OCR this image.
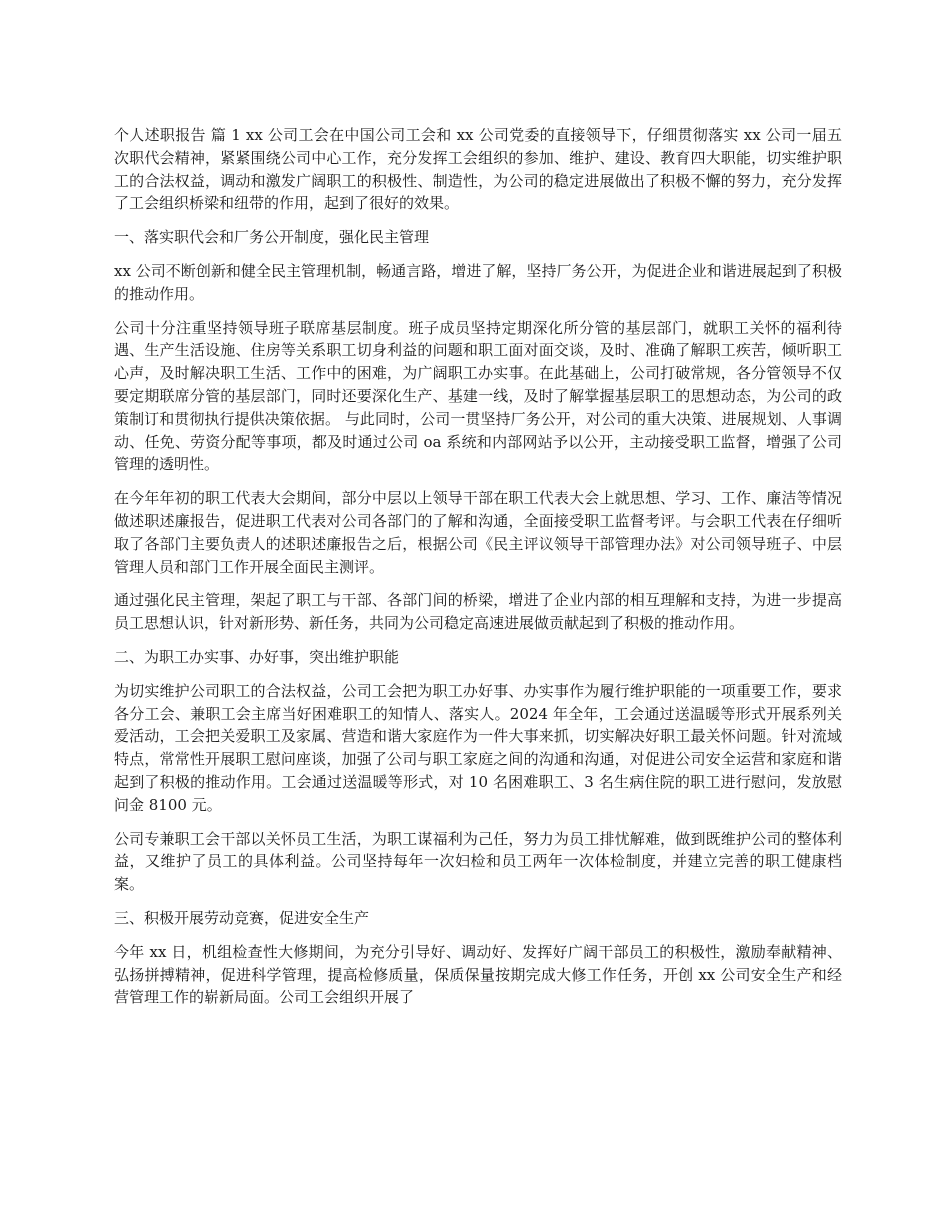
个人述职报告 篇 1 xx 公司工会在中国公司工会和 xx 公司党委的直接领导下，仔细贯彻落实 xx 公司一届五次职代会精神，紧紧围绕公司中心工作，充分发挥工会组织的参加、维护、建设、教育四大职能，切实维护职工的合法权益，调动和激发广阔职工的积极性、制造性，为公司的稳定进展做出了积极不懈的努力，充分发挥了工会组织桥梁和纽带的作用，起到了很好的效果。

一、落实职代会和厂务公开制度，强化民主管理

xx 公司不断创新和健全民主管理机制，畅通言路，增进了解，坚持厂务公开，为促进企业和谐进展起到了积极的推动作用。

公司十分注重坚持领导班子联席基层制度。班子成员坚持定期深化所分管的基层部门，就职工关怀的福利待遇、生产生活设施、住房等关系职工切身利益的问题和职工面对面交谈，及时、准确了解职工疾苦，倾听职工心声，及时解决职工生活、工作中的困难，为广阔职工办实事。在此基础上，公司打破常规，各分管领导不仅要定期联席分管的基层部门，同时还要深化生产、基建一线，及时了解掌握基层职工的思想动态，为公司的政策制订和贯彻执行提供决策依据。 与此同时，公司一贯坚持厂务公开，对公司的重大决策、进展规划、人事调动、任免、劳资分配等事项，都及时通过公司 oa 系统和内部网站予以公开，主动接受职工监督，增强了公司管理的透明性。

在今年年初的职工代表大会期间，部分中层以上领导干部在职工代表大会上就思想、学习、工作、廉洁等情况做述职述廉报告，促进职工代表对公司各部门的了解和沟通，全面接受职工监督考评。与会职工代表在仔细听取了各部门主要负责人的述职述廉报告之后，根据公司《民主评议领导干部管理办法》对公司领导班子、中层管理人员和部门工作开展全面民主测评。

通过强化民主管理，架起了职工与干部、各部门间的桥梁，增进了企业内部的相互理解和支持，为进一步提高员工思想认识，针对新形势、新任务，共同为公司稳定高速进展做贡献起到了积极的推动作用。

二、为职工办实事、办好事，突出维护职能

为切实维护公司职工的合法权益，公司工会把为职工办好事、办实事作为履行维护职能的一项重要工作，要求各分工会、兼职工会主席当好困难职工的知情人、落实人。2024 年全年，工会通过送温暖等形式开展系列关爱活动，工会把关爱职工及家属、营造和谐大家庭作为一件大事来抓，切实解决好职工最关怀问题。针对流域特点，常常性开展职工慰问座谈，加强了公司与职工家庭之间的沟通和沟通，对促进公司安全运营和家庭和谐起到了积极的推动作用。工会通过送温暖等形式，对 10 名困难职工、3 名生病住院的职工进行慰问，发放慰问金 8100 元。

公司专兼职工会干部以关怀员工生活，为职工谋福利为己任，努力为员工排忧解难，做到既维护公司的整体利益，又维护了员工的具体利益。公司坚持每年一次妇检和员工两年一次体检制度，并建立完善的职工健康档案。

三、积极开展劳动竞赛，促进安全生产

今年 xx 日，机组检查性大修期间，为充分引导好、调动好、发挥好广阔干部员工的积极性，激励奉献精神、弘扬拼搏精神，促进科学管理，提高检修质量，保质保量按期完成大修工作任务，开创 xx 公司安全生产和经营管理工作的崭新局面。公司工会组织开展了
